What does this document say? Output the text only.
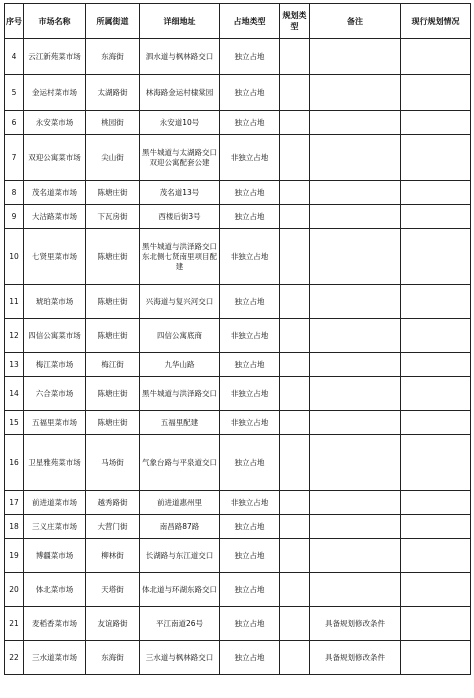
序号	市场名称	所属街道	详细地址	占地类型	规划类型	备注	现行规划情况
4	云江新苑菜市场	东海街	泗水道与枫林路交口	独立占地			
5	金运村菜市场	太湖路街	林海路金运村棣棠园	独立占地			
6	永安菜市场	桃园街	永安道10号	独立占地			
7	双迎公寓菜市场	尖山街	黑牛城道与太湖路交口双迎公寓配套公建	非独立占地			
8	茂名道菜市场	陈塘庄街	茂名道13号	独立占地			
9	大沽路菜市场	下瓦房街	西楼后街3号	独立占地			
10	七贤里菜市场	陈塘庄街	黑牛城道与洪泽路交口东北侧七贤南里项目配建	非独立占地			
11	琥珀菜市场	陈塘庄街	兴海道与复兴河交口	独立占地			
12	四信公寓菜市场	陈塘庄街	四信公寓底商	非独立占地			
13	梅江菜市场	梅江街	九华山路	独立占地			
14	六合菜市场	陈塘庄街	黑牛城道与洪泽路交口	非独立占地			
15	五福里菜市场	陈塘庄街	五福里配建	非独立占地			
16	卫星雅苑菜市场	马场街	气象台路与平泉道交口	独立占地			
17	前进道菜市场	越秀路街	前进道惠州里	非独立占地			
18	三义庄菜市场	大营门街	南昌路87路	独立占地			
19	博疆菜市场	柳林街	长湖路与东江道交口	独立占地			
20	体北菜市场	天塔街	体北道与环湖东路交口	独立占地			
21	麦稻香菜市场	友谊路街	平江南道26号	独立占地		具备规划修改条件	
22	三水道菜市场	东海街	三水道与枫林路交口	独立占地		具备规划修改条件	
